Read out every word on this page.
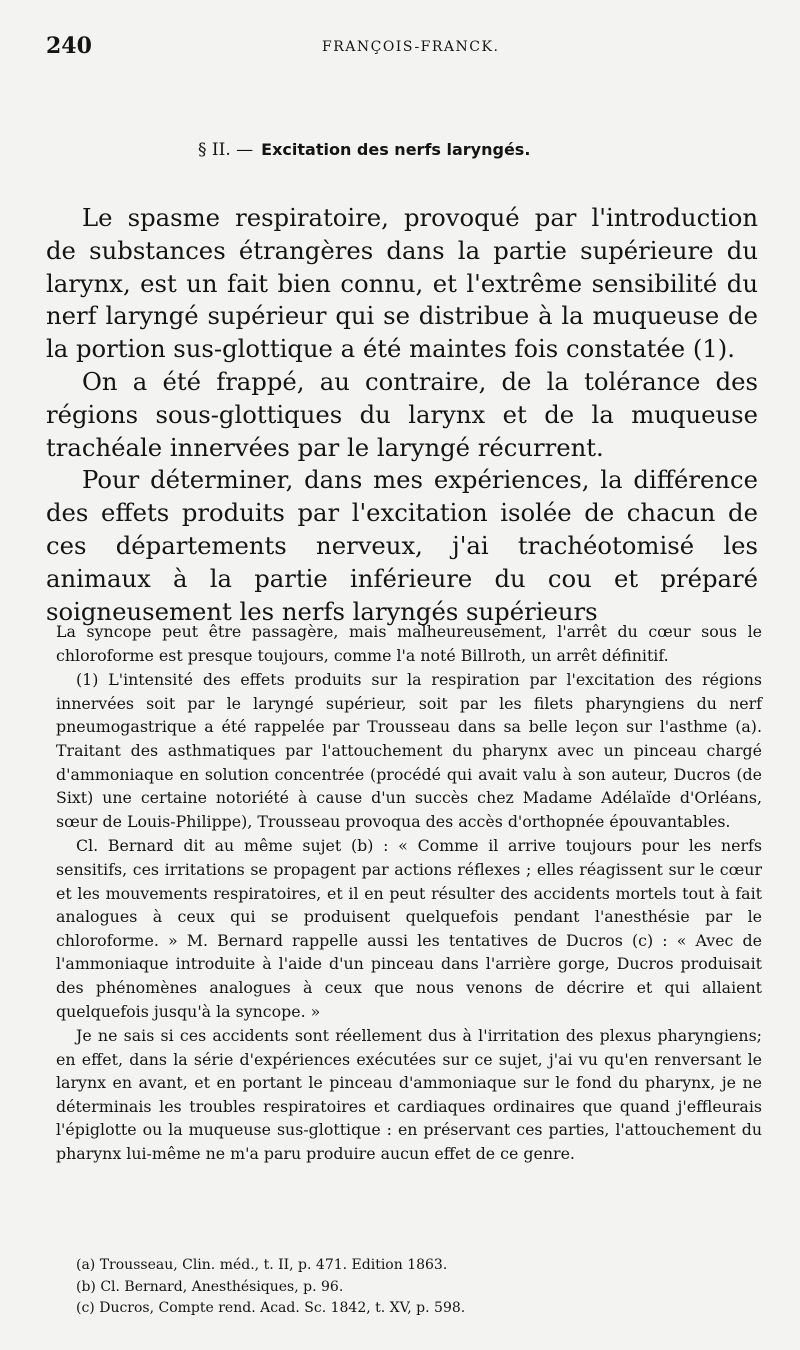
240	FRANÇOIS-FRANCK.
§ II. — Excitation des nerfs laryngés.

Le spasme respiratoire, provoqué par l'introduction de substances étrangères dans la partie supérieure du larynx, est un fait bien connu, et l'extrême sensibilité du nerf laryngé supérieur qui se distribue à la muqueuse de la portion sus-glottique a été maintes fois constatée (1).

On a été frappé, au contraire, de la tolérance des régions sous-glottiques du larynx et de la muqueuse trachéale innervées par le laryngé récurrent.

Pour déterminer, dans mes expériences, la différence des effets produits par l'excitation isolée de chacun de ces départements nerveux, j'ai trachéotomisé les animaux à la partie inférieure du cou et préparé soigneusement les nerfs laryngés supérieurs

La syncope peut être passagère, mais malheureusement, l'arrêt du cœur sous le chloroforme est presque toujours, comme l'a noté Billroth, un arrêt définitif.

(1) L'intensité des effets produits sur la respiration par l'excitation des régions innervées soit par le laryngé supérieur, soit par les filets pharyngiens du nerf pneumogastrique a été rappelée par Trousseau dans sa belle leçon sur l'asthme (a). Traitant des asthmatiques par l'attouchement du pharynx avec un pinceau chargé d'ammoniaque en solution concentrée (procédé qui avait valu à son auteur, Ducros (de Sixt) une certaine notoriété à cause d'un succès chez Madame Adélaïde d'Orléans, sœur de Louis-Philippe), Trousseau provoqua des accès d'orthopnée épouvantables.

Cl. Bernard dit au même sujet (b) : « Comme il arrive toujours pour les nerfs sensitifs, ces irritations se propagent par actions réflexes ; elles réagissent sur le cœur et les mouvements respiratoires, et il en peut résulter des accidents mortels tout à fait analogues à ceux qui se produisent quelquefois pendant l'anesthésie par le chloroforme. » M. Bernard rappelle aussi les tentatives de Ducros (c) : « Avec de l'ammoniaque introduite à l'aide d'un pinceau dans l'arrière gorge, Ducros produisait des phénomènes analogues à ceux que nous venons de décrire et qui allaient quelquefois jusqu'à la syncope. »

Je ne sais si ces accidents sont réellement dus à l'irritation des plexus pharyngiens; en effet, dans la série d'expériences exécutées sur ce sujet, j'ai vu qu'en renversant le larynx en avant, et en portant le pinceau d'ammoniaque sur le fond du pharynx, je ne déterminais les troubles respiratoires et cardiaques ordinaires que quand j'effleurais l'épiglotte ou la muqueuse sus-glottique : en préservant ces parties, l'attouchement du pharynx lui-même ne m'a paru produire aucun effet de ce genre.

(a) Trousseau, Clin. méd., t. II, p. 471. Edition 1863.
(b) Cl. Bernard, Anesthésiques, p. 96.
(c) Ducros, Compte rend. Acad. Sc. 1842, t. XV, p. 598.
